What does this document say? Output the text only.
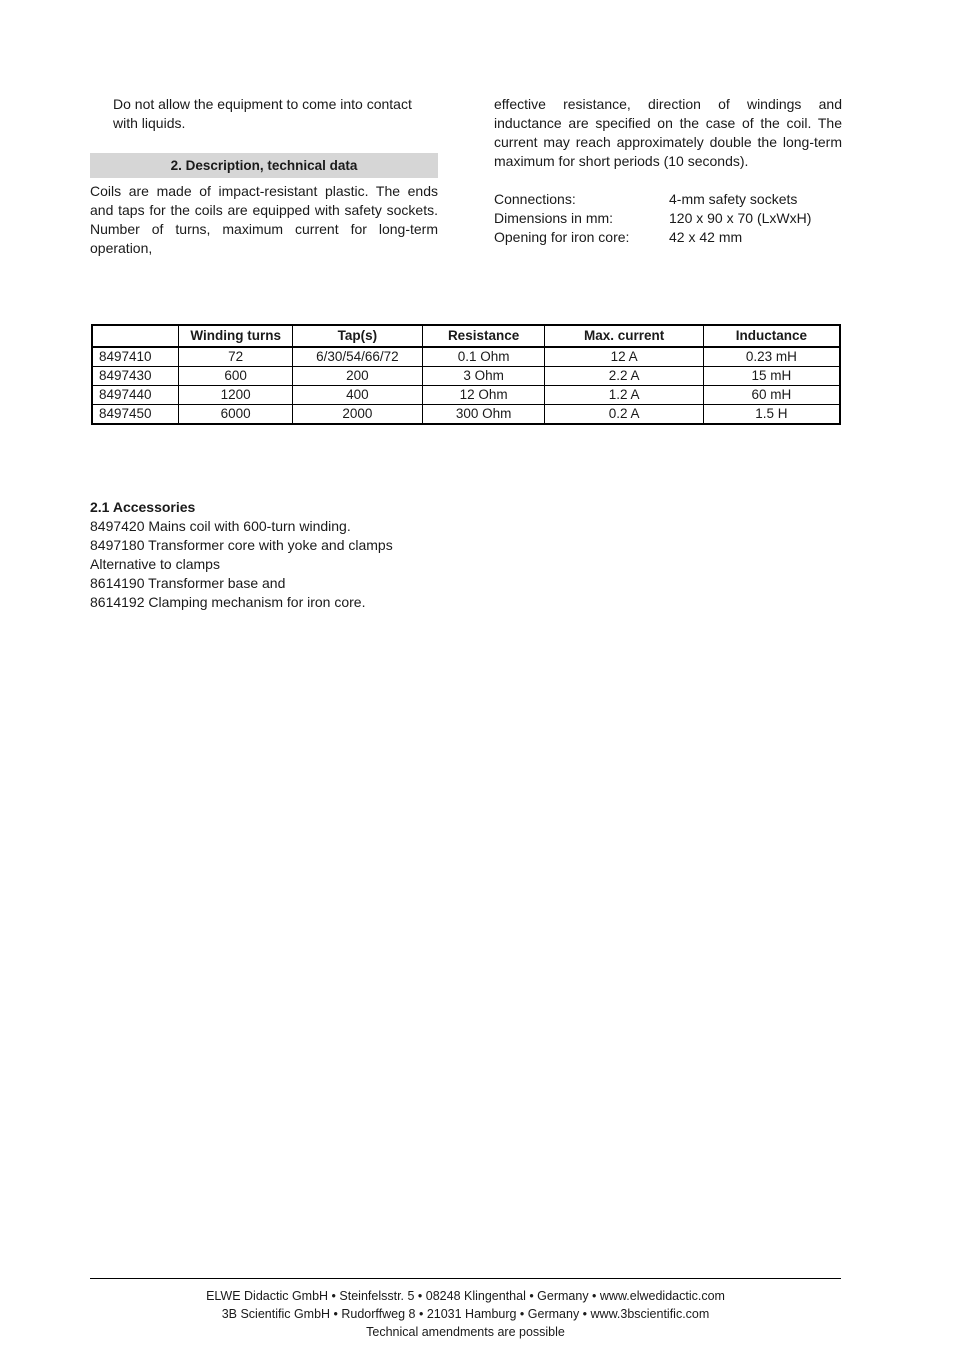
Do not allow the equipment to come into contact with liquids.
2. Description, technical data
Coils are made of impact-resistant plastic. The ends and taps for the coils are equipped with safety sockets. Number of turns, maximum current for long-term operation,
effective resistance, direction of windings and inductance are specified on the case of the coil. The current may reach approximately double the long-term maximum for short periods (10 seconds).
Connections:	4-mm safety sockets
Dimensions in mm:	120 x 90 x 70 (LxWxH)
Opening for iron core:	42 x 42 mm
	Winding turns	Tap(s)	Resistance	Max. current	Inductance
8497410	72	6/30/54/66/72	0.1 Ohm	12 A	0.23 mH
8497430	600	200	3 Ohm	2.2 A	15 mH
8497440	1200	400	12 Ohm	1.2 A	60 mH
8497450	6000	2000	300 Ohm	0.2 A	1.5 H
2.1 Accessories
8497420 Mains coil with 600-turn winding.
8497180 Transformer core with yoke and clamps
Alternative to clamps
8614190 Transformer base and
8614192 Clamping mechanism for iron core.
ELWE Didactic GmbH • Steinfelsstr. 5 • 08248 Klingenthal • Germany • www.elwedidactic.com
3B Scientific GmbH • Rudorffweg 8 • 21031 Hamburg • Germany • www.3bscientific.com
Technical amendments are possible
